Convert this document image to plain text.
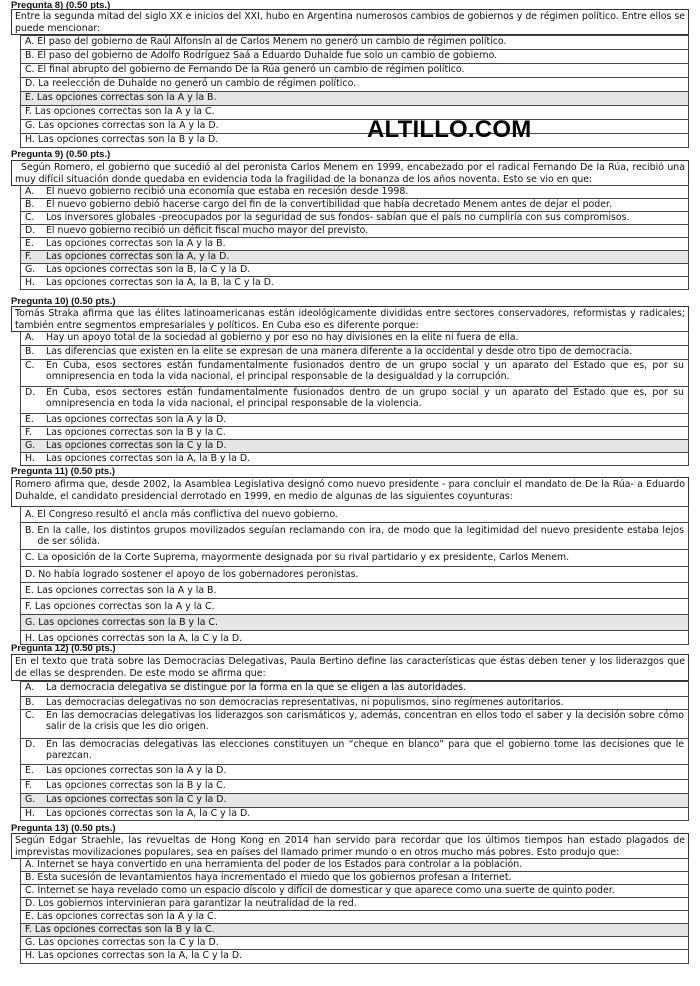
Pregunta 8) (0.50 pts.)
Entre la segunda mitad del siglo XX e inicios del XXI, hubo en Argentina numerosos cambios de gobiernos y de régimen político. Entre ellos se puede mencionar:
A. El paso del gobierno de Raúl Alfonsín al de Carlos Menem no generó un cambio de régimen político.
B. El paso del gobierno de Adolfo Rodríguez Saá a Eduardo Duhalde fue solo un cambio de gobierno.
C. El final abrupto del gobierno de Fernando De la Rúa generó un cambio de régimen político.
D. La reelección de Duhalde no generó un cambio de régimen político.
E. Las opciones correctas son la A y la B.
F. Las opciones correctas son la A y la C.
G. Las opciones correctas son la A y la D.
H. Las opciones correctas son la B y la D.
Pregunta 9) (0.50 pts.)
Según Romero, el gobierno que sucedió al del peronista Carlos Menem en 1999, encabezado por el radical Fernando De la Rúa, recibió una muy difícil situación donde quedaba en evidencia toda la fragilidad de la bonanza de los años noventa. Esto se vio en que:
A.	El nuevo gobierno recibió una economía que estaba en recesión desde 1998.
B.	El nuevo gobierno debió hacerse cargo del fin de la convertibilidad que había decretado Menem antes de dejar el poder.
C.	Los inversores globales -preocupados por la seguridad de sus fondos- sabían que el país no cumpliría con sus compromisos.
D.	El nuevo gobierno recibió un déficit fiscal mucho mayor del previsto.
E.	Las opciones correctas son la A y la B.
F.	Las opciones correctas son la A, y la D.
G.	Las opciones correctas son la B, la C y la D.
H.	Las opciones correctas son la A, la B, la C y la D.
Pregunta 10) (0.50 pts.)
Tomás Straka afirma que las élites latinoamericanas están ideológicamente divididas entre sectores conservadores, reformistas y radicales; también entre segmentos empresariales y políticos. En Cuba eso es diferente porque:
A.	Hay un apoyo total de la sociedad al gobierno y por eso no hay divisiones en la elite ni fuera de ella.
B.	Las diferencias que existen en la elite se expresan de una manera diferente a la occidental y desde otro tipo de democracia.
C.	En Cuba, esos sectores están fundamentalmente fusionados dentro de un grupo social y un aparato del Estado que es, por su omnipresencia en toda la vida nacional, el principal responsable de la desigualdad y la corrupción.
D.	En Cuba, esos sectores están fundamentalmente fusionados dentro de un grupo social y un aparato del Estado que es, por su omnipresencia en toda la vida nacional, el principal responsable de la violencia.
E.	Las opciones correctas son la A y la D.
F.	Las opciones correctas son la B y la C.
G.	Las opciones correctas son la C y la D.
H.	Las opciones correctas son la A, la B y la D.
Pregunta 11) (0.50 pts.)
Romero afirma que, desde 2002, la Asamblea Legislativa designó como nuevo presidente - para concluir el mandato de De la Rúa- a Eduardo Duhalde, el candidato presidencial derrotado en 1999, en medio de algunas de las siguientes coyunturas:
A. El Congreso resultó el ancla más conflictiva del nuevo gobierno.
B. En la calle, los distintos grupos movilizados seguían reclamando con ira, de modo que la legitimidad del nuevo presidente estaba lejos de ser sólida.
C. La oposición de la Corte Suprema, mayormente designada por su rival partidario y ex presidente, Carlos Menem.
D. No había logrado sostener el apoyo de los gobernadores peronistas.
E. Las opciones correctas son la A y la B.
F. Las opciones correctas son la A y la C.
G. Las opciones correctas son la B y la C.
H. Las opciones correctas son la A, la C y la D.
Pregunta 12) (0.50 pts.)
En el texto que trata sobre las Democracias Delegativas, Paula Bertino define las características que éstas deben tener y los liderazgos que de ellas se desprenden. De este modo se afirma que:
A.	La democracia delegativa se distingue por la forma en la que se eligen a las autoridades.
B.	Las democracias delegativas no son democracias representativas, ni populismos, sino regímenes autoritarios.
C.	En las democracias delegativas los liderazgos son carismáticos y, además, concentran en ellos todo el saber y la decisión sobre cómo salir de la crisis que les dio origen.
D.	En las democracias delegativas las elecciones constituyen un “cheque en blanco” para que el gobierno tome las decisiones que le parezcan.
E.	Las opciones correctas son la A y la D.
F.	Las opciones correctas son la B y la C.
G.	Las opciones correctas son la C y la D.
H.	Las opciones correctas son la A, la C y la D.
Pregunta 13) (0.50 pts.)
Según Edgar Straehle, las revueltas de Hong Kong en 2014 han servido para recordar que los últimos tiempos han estado plagados de imprevistas movilizaciones populares, sea en países del llamado primer mundo o en otros mucho más pobres. Esto produjo que:
A. Internet se haya convertido en una herramienta del poder de los Estados para controlar a la población.
B. Esta sucesión de levantamientos haya incrementado el miedo que los gobiernos profesan a Internet.
C. Internet se haya revelado como un espacio díscolo y difícil de domesticar y que aparece como una suerte de quinto poder.
D. Los gobiernos intervinieran para garantizar la neutralidad de la red.
E. Las opciones correctas son la A y la C.
F. Las opciones correctas son la B y la C.
G. Las opciones correctas son la C y la D.
H. Las opciones correctas son la A, la C y la D.
ALTILLO.COM
